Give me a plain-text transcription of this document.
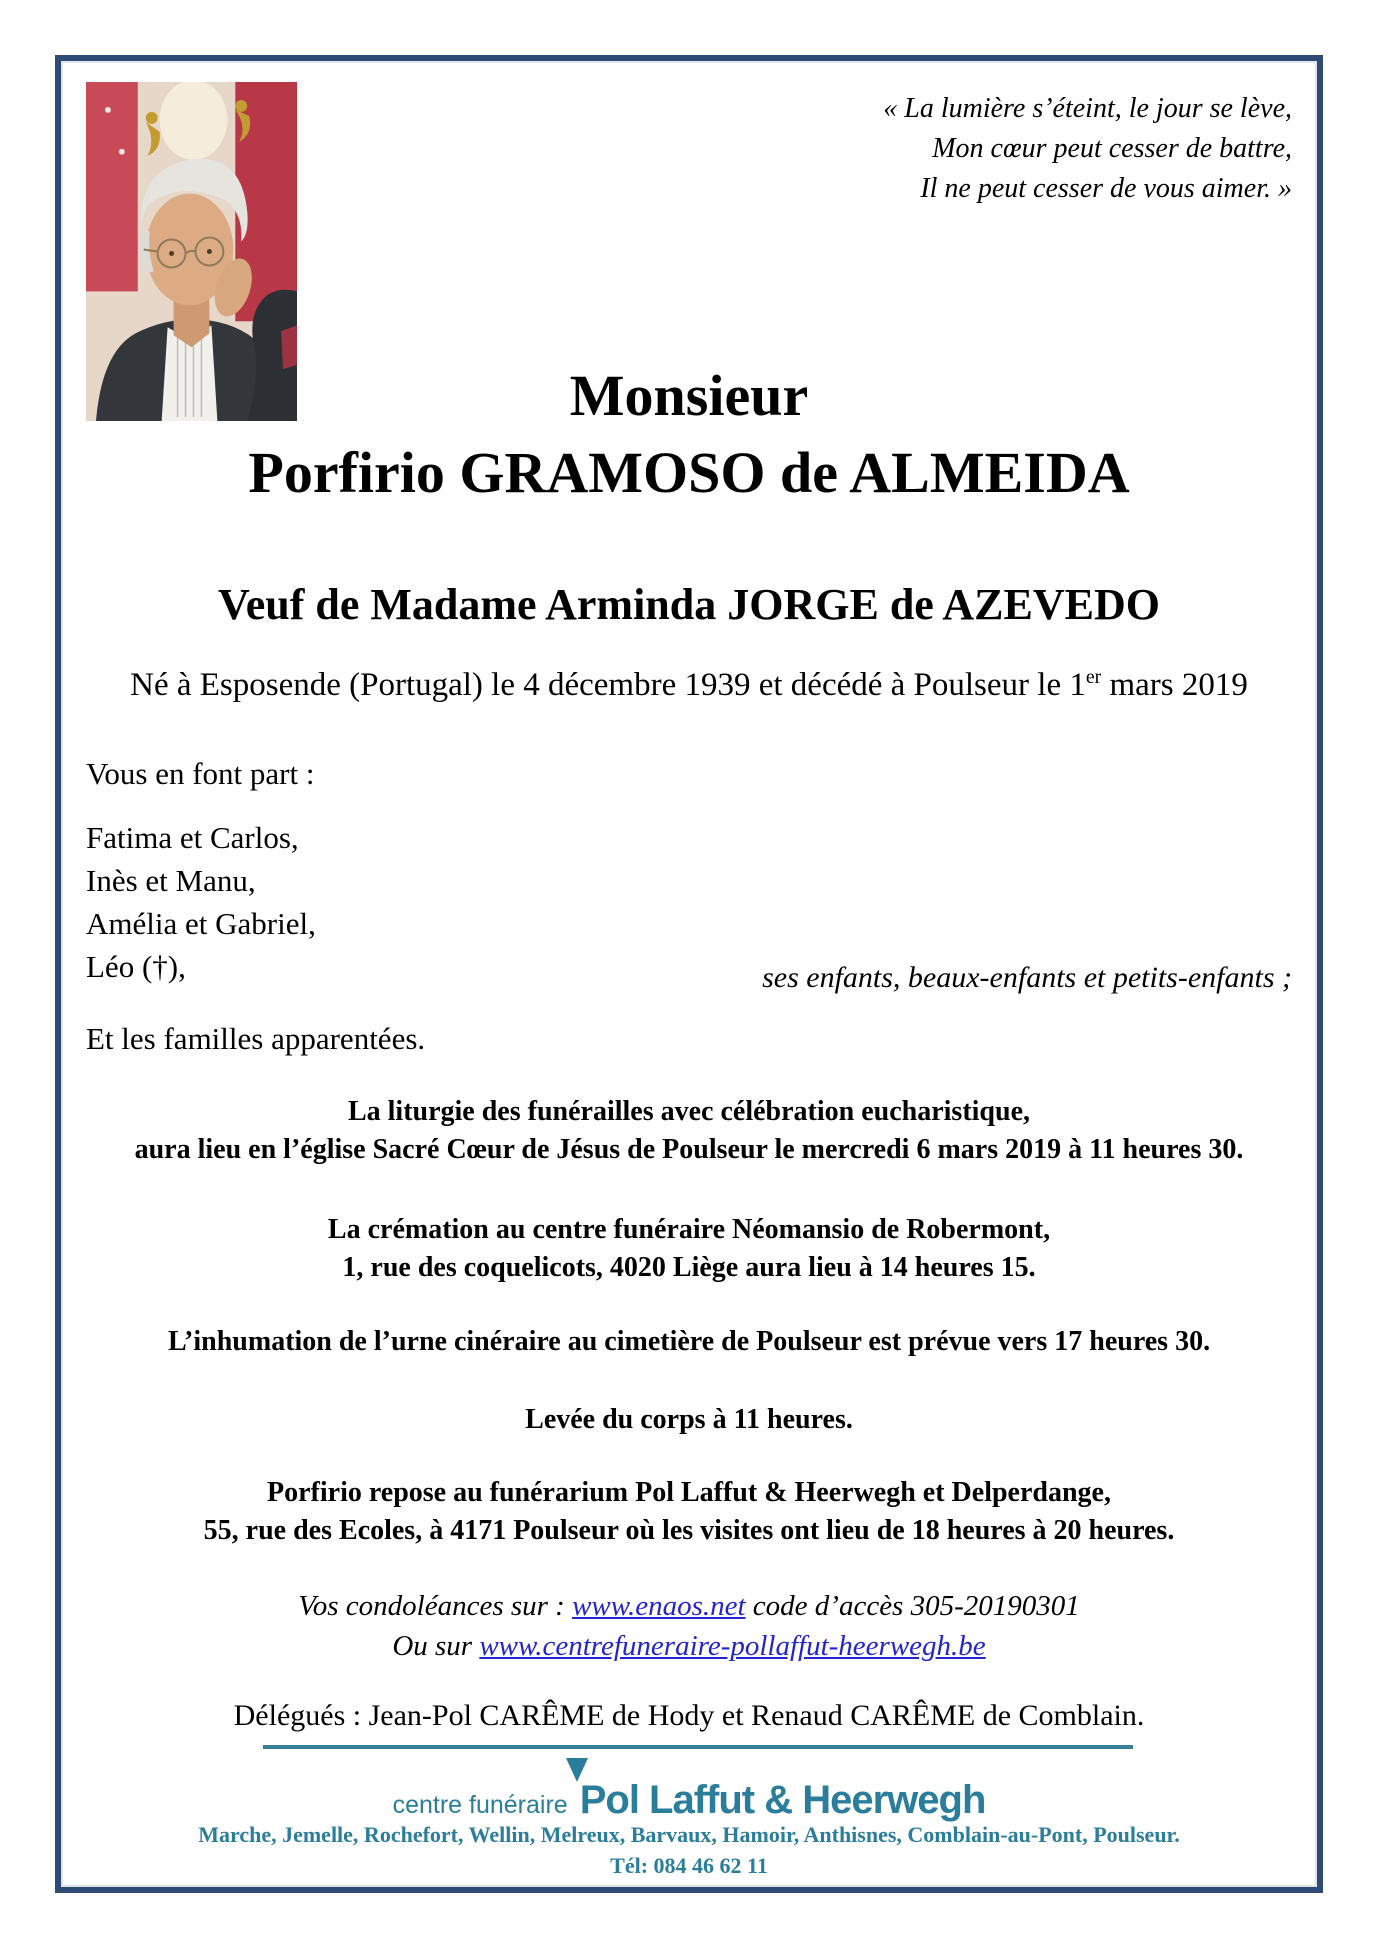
« La lumière s’éteint, le jour se lève,
Mon cœur peut cesser de battre,
Il ne peut cesser de vous aimer. »
Monsieur
Porfirio GRAMOSO de ALMEIDA
Veuf de Madame Arminda JORGE de AZEVEDO
Né à Esposende (Portugal) le 4 décembre 1939 et décédé à Poulseur le 1er mars 2019
Vous en font part :
Fatima et Carlos,
Inès et Manu,
Amélia et Gabriel,
Léo (†),	ses enfants, beaux-enfants et petits-enfants ;
Et les familles apparentées.
La liturgie des funérailles avec célébration eucharistique,
aura lieu en l’église Sacré Cœur de Jésus de Poulseur le mercredi 6 mars 2019 à 11 heures 30.
La crémation au centre funéraire Néomansio de Robermont,
1, rue des coquelicots, 4020 Liège aura lieu à 14 heures 15.
L’inhumation de l’urne cinéraire au cimetière de Poulseur est prévue vers 17 heures 30.
Levée du corps à 11 heures.
Porfirio repose au funérarium Pol Laffut & Heerwegh et Delperdange,
55, rue des Ecoles, à 4171 Poulseur où les visites ont lieu de 18 heures à 20 heures.
Vos condoléances sur : www.enaos.net code d’accès 305-20190301
Ou sur www.centrefuneraire-pollaffut-heerwegh.be
Délégués : Jean-Pol CARÊME de Hody et Renaud CARÊME de Comblain.
centre funéraire Pol Laffut & Heerwegh
Marche, Jemelle, Rochefort, Wellin, Melreux, Barvaux, Hamoir, Anthisnes, Comblain-au-Pont, Poulseur.
Tél: 084 46 62 11
